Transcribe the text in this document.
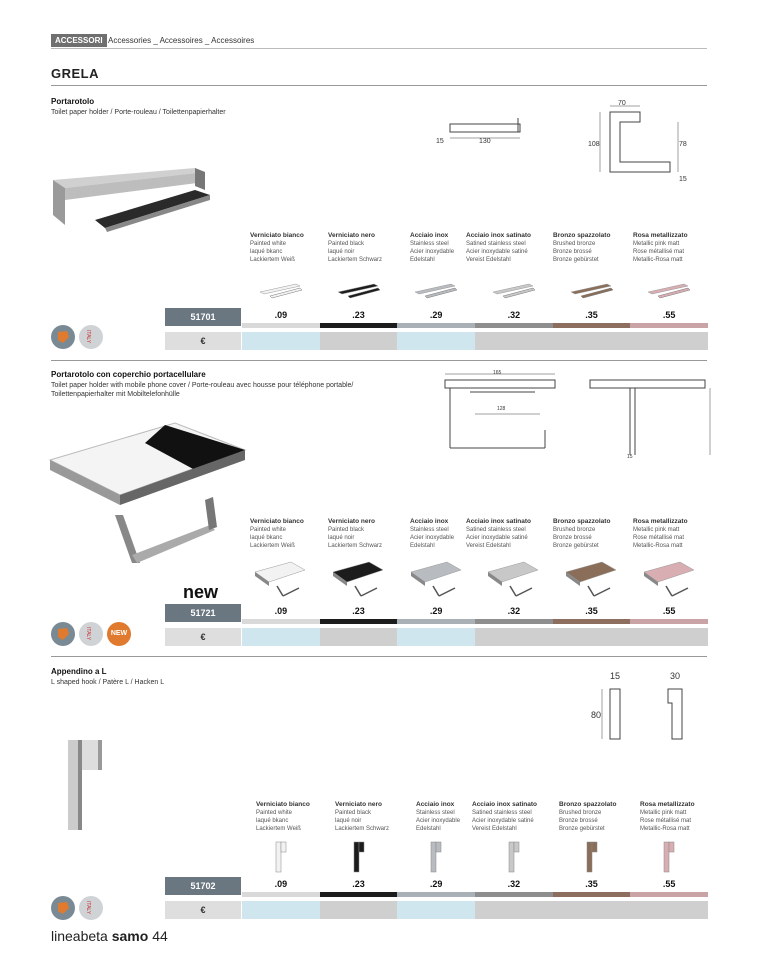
ACCESSORI Accessories _ Accessoires _ Accessoires
GRELA
Portarotolo
Toilet paper holder / Porte-rouleau / Toilettenpapierhalter
15	130
70
108	78
15
Verniciato bianco
Painted white
laqué bkanc
Lackiertem Weiß
Verniciato nero
Painted black
laqué noir
Lackiertem Schwarz
Acciaio inox
Stainless steel
Acier inoxydable
Edelstahl
Acciaio inox satinato
Satined stainless steel
Acier inoxydable satiné
Vereist Edelstahl
Bronzo spazzolato
Brushed bronze
Bronze brossé
Bronze gebürstet
Rosa metallizzato
Metallic pink matt
Rose métallisé mat
Metallic-Rosa matt
51701	.09	.23	.29	.32	.35	.55
€
ITALY
Portarotolo con coperchio portacellulare
Toilet paper holder with mobile phone cover / Porte-rouleau avec housse pour téléphone portable/
Toilettenpapierhalter mit Mobiltelefonhülle
165
128
15
Verniciato bianco
Painted white
laqué bkanc
Lackiertem Weiß
Verniciato nero
Painted black
laqué noir
Lackiertem Schwarz
Acciaio inox
Stainless steel
Acier inoxydable
Edelstahl
Acciaio inox satinato
Satined stainless steel
Acier inoxydable satiné
Vereist Edelstahl
Bronzo spazzolato
Brushed bronze
Bronze brossé
Bronze gebürstet
Rosa metallizzato
Metallic pink matt
Rose métallisé mat
Metallic-Rosa matt
new
51721	.09	.23	.29	.32	.35	.55
€
ITALY	NEW
Appendino a L
L shaped hook / Patère L / Hacken L
15	30
80
Verniciato bianco
Painted white
laqué bkanc
Lackiertem Weiß
Verniciato nero
Painted black
laqué noir
Lackiertem Schwarz
Acciaio inox
Stainless steel
Acier inoxydable
Edelstahl
Acciaio inox satinato
Satined stainless steel
Acier inoxydable satiné
Vereist Edelstahl
Bronzo spazzolato
Brushed bronze
Bronze brossé
Bronze gebürstet
Rosa metallizzato
Metallic pink matt
Rose métallisé mat
Metallic-Rosa matt
51702	.09	.23	.29	.32	.35	.55
€
ITALY
lineabeta samo 44
